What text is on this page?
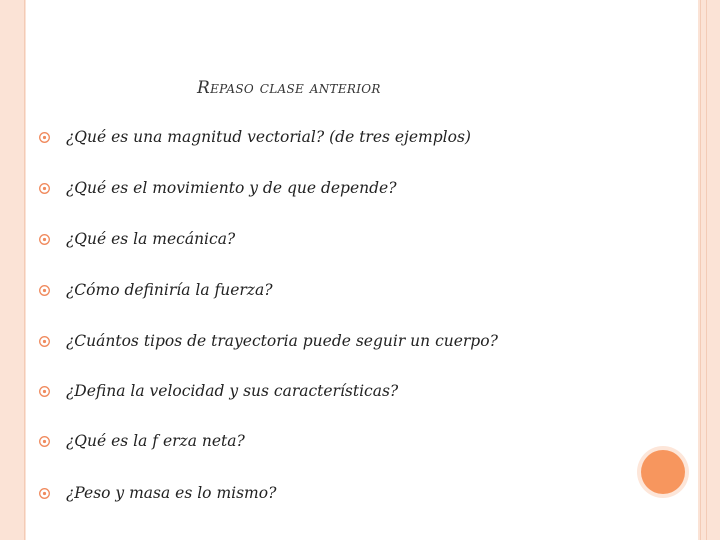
Repaso clase anterior
¿Qué es una magnitud vectorial? (de tres ejemplos)
¿Qué es el movimiento y de que depende?
¿Qué es la mecánica?
¿Cómo definiría la fuerza?
¿Cuántos tipos de trayectoria puede seguir un cuerpo?
¿Defina la velocidad y sus características?
¿Qué es la f erza neta?
¿Peso y masa es lo mismo?
